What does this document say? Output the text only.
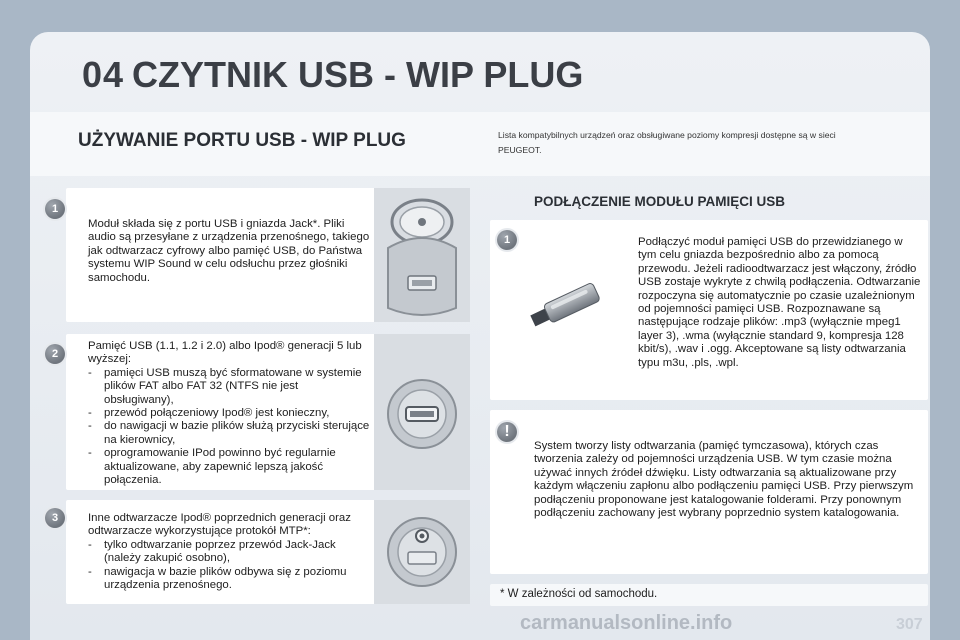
04 CZYTNIK USB - WIP PLUG
UŻYWANIE PORTU USB - WIP PLUG	Lista kompatybilnych urządzeń oraz obsługiwane poziomy kompresji dostępne są w sieci PEUGEOT.
1

Moduł składa się z portu USB i gniazda Jack*. Pliki audio są przesyłane z urządzenia przenośnego, takiego jak odtwarzacz cyfrowy albo pamięć USB, do Państwa systemu WIP Sound w celu odsłuchu przez głośniki samochodu.

2

Pamięć USB (1.1, 1.2 i 2.0) albo Ipod® generacji 5 lub wyższej:

- pamięci USB muszą być sformatowane w systemie plików FAT albo FAT 32 (NTFS nie jest obsługiwany),
- przewód połączeniowy Ipod® jest konieczny,
- do nawigacji w bazie plików służą przyciski sterujące na kierownicy,
- oprogramowanie IPod powinno być regularnie aktualizowane, aby zapewnić lepszą jakość połączenia.
3	Inne odtwarzacze Ipod® poprzednich generacji oraz odtwarzacze wykorzystujące protokół MTP*:

- tylko odtwarzanie poprzez przewód Jack-Jack (należy zakupić osobno),
- nawigacja w bazie plików odbywa się z poziomu urządzenia przenośnego.
PODŁĄCZENIE MODUŁU PAMIĘCI USB
1	Podłączyć moduł pamięci USB do przewidzianego w tym celu gniazda bezpośrednio albo za pomocą przewodu. Jeżeli radioodtwarzacz jest włączony, źródło USB zostaje wykryte z chwilą podłączenia. Odtwarzanie rozpoczyna się automatycznie po czasie uzależnionym od pojemności pamięci USB. Rozpoznawane są następujące rodzaje plików: .mp3 (wyłącznie mpeg1 layer 3), .wma (wyłącznie standard 9, kompresja 128 kbit/s), .wav i .ogg. Akceptowane są listy odtwarzania typu m3u, .pls, .wpl.
!
System tworzy listy odtwarzania (pamięć tymczasowa), których czas tworzenia zależy od pojemności urządzenia USB. W tym czasie można używać innych źródeł dźwięku. Listy odtwarzania są aktualizowane przy każdym włączeniu zapłonu albo podłączeniu pamięci USB. Przy pierwszym podłączeniu proponowane jest katalogowanie folderami. Przy ponownym podłączeniu zachowany jest wybrany poprzednio system katalogowania.
* W zależności od samochodu.
carmanualsonline.info	307
